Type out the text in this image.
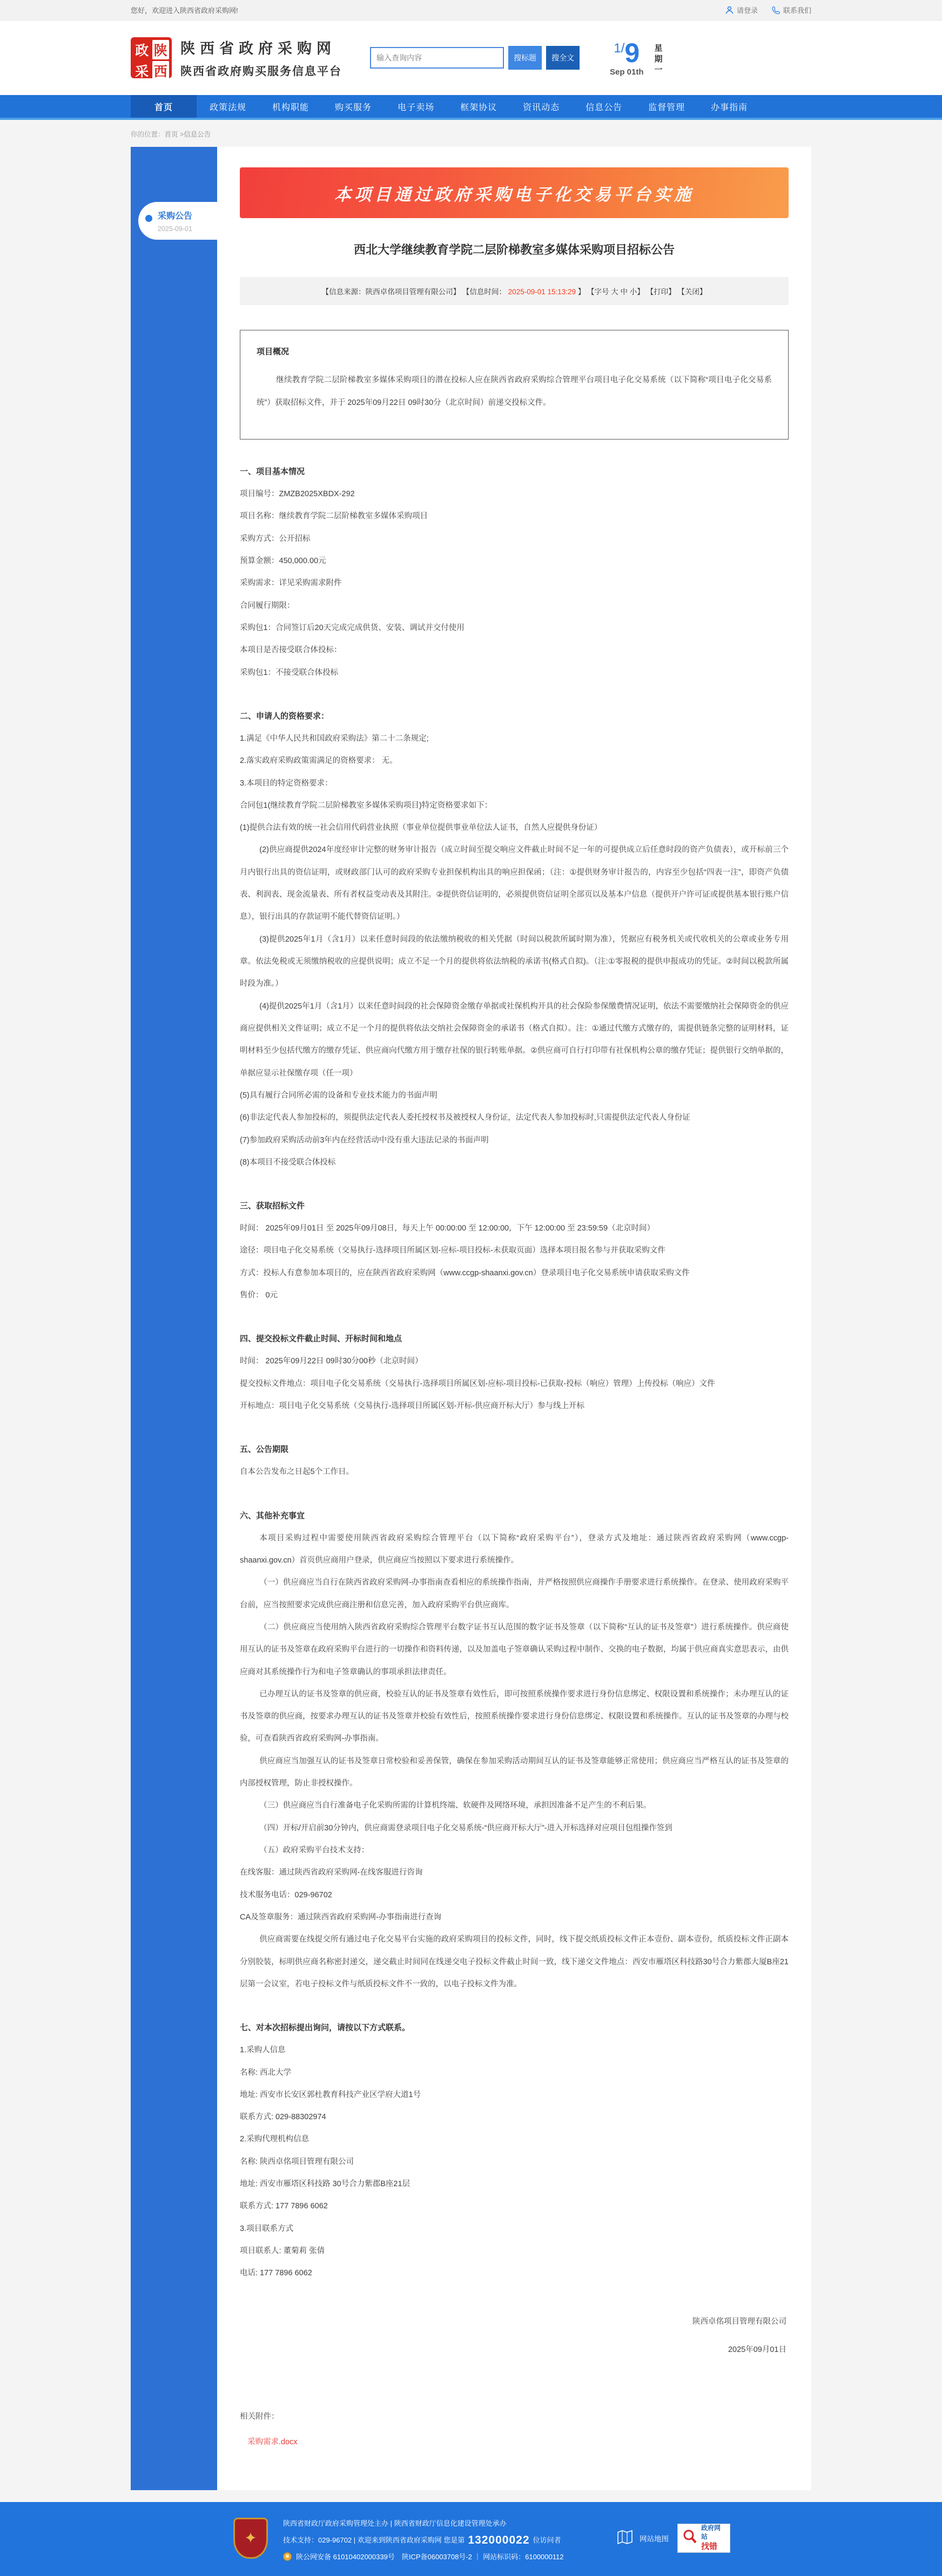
您好，欢迎进入陕西省政府采购网!	请登录	联系我们
政 陕
采 西
陕西省政府采购网
陕西省政府购买服务信息平台
输入查询内容
搜标题	搜全文
1/9
Sep 01th 星期一
首页	政策法规	机构职能	购买服务	电子卖场	框架协议	资讯动态	信息公告	监督管理	办事指南
你的位置：首页 >信息公告
采购公告
2025-09-01
本项目通过政府采购电子化交易平台实施
西北大学继续教育学院二层阶梯教室多媒体采购项目招标公告
【信息来源：陕西卓佲项目管理有限公司】 【信息时间： 2025-09-01 15:13:29 】 【字号 大 中 小】 【打印】 【关闭】
项目概况
继续教育学院二层阶梯教室多媒体采购项目的潜在投标人应在陕西省政府采购综合管理平台项目电子化交易系统（以下简称“项目电子化交易系统”）获取招标文件，并于 2025年09月22日 09时30分（北京时间）前递交投标文件。
一、项目基本情况

项目编号：ZMZB2025XBDX-292

项目名称：继续教育学院二层阶梯教室多媒体采购项目

采购方式：公开招标

预算金额：450,000.00元

采购需求：详见采购需求附件

合同履行期限：

采购包1：合同签订后20天完成完成供货、安装、调试并交付使用

本项目是否接受联合体投标：

采购包1：不接受联合体投标

二、申请人的资格要求：

1.满足《中华人民共和国政府采购法》第二十二条规定;

2.落实政府采购政策需满足的资格要求： 无。

3.本项目的特定资格要求：

合同包1(继续教育学院二层阶梯教室多媒体采购项目)特定资格要求如下：

(1)提供合法有效的统一社会信用代码营业执照（事业单位提供事业单位法人证书，自然人应提供身份证）

(2)供应商提供2024年度经审计完整的财务审计报告（成立时间至提交响应文件截止时间不足一年的可提供成立后任意时段的资产负债表），或开标前三个月内银行出具的资信证明，或财政部门认可的政府采购专业担保机构出具的响应担保函；（注：①提供财务审计报告的，内容至少包括“四表一注”，即资产负债表、利润表、现金流量表、所有者权益变动表及其附注。②提供资信证明的，必须提供资信证明全部页以及基本户信息（提供开户许可证或提供基本银行账户信息），银行出具的存款证明不能代替资信证明。）

(3)提供2025年1月（含1月）以来任意时间段的依法缴纳税收的相关凭据（时间以税款所属时期为准），凭据应有税务机关或代收机关的公章或业务专用章。依法免税或无须缴纳税收的应提供说明；成立不足一个月的提供将依法纳税的承诺书(格式自拟)。（注:①零报税的提供申报成功的凭证。②时间以税款所属时段为准。）

(4)提供2025年1月（含1月）以来任意时间段的社会保障资金缴存单据或社保机构开具的社会保险参保缴费情况证明，依法不需要缴纳社会保障资金的供应商应提供相关文件证明；成立不足一个月的提供将依法交纳社会保障资金的承诺书（格式自拟）。注：①通过代缴方式缴存的，需提供链条完整的证明材料，证明材料至少包括代缴方的缴存凭证、供应商向代缴方用于缴存社保的银行转账单据。②供应商可自行打印带有社保机构公章的缴存凭证；提供银行交纳单据的，单据应显示社保缴存项（任一项）

(5)具有履行合同所必需的设备和专业技术能力的书面声明

(6)非法定代表人参加投标的，须提供法定代表人委托授权书及被授权人身份证，法定代表人参加投标时,只需提供法定代表人身份证

(7)参加政府采购活动前3年内在经营活动中没有重大违法记录的书面声明

(8)本项目不接受联合体投标

三、获取招标文件

时间： 2025年09月01日 至 2025年09月08日，每天上午 00:00:00 至 12:00:00，下午 12:00:00 至 23:59:59（北京时间）

途径：项目电子化交易系统（交易执行-选择项目所属区划-应标-项目投标-未获取页面）选择本项目报名参与并获取采购文件

方式：投标人有意参加本项目的，应在陕西省政府采购网（www.ccgp-shaanxi.gov.cn）登录项目电子化交易系统申请获取采购文件

售价： 0元

四、提交投标文件截止时间、开标时间和地点

时间： 2025年09月22日 09时30分00秒（北京时间）

提交投标文件地点：项目电子化交易系统（交易执行-选择项目所属区划-应标-项目投标-已获取-投标（响应）管理）上传投标（响应）文件

开标地点：项目电子化交易系统（交易执行-选择项目所属区划-开标-供应商开标大厅）参与线上开标

五、公告期限

自本公告发布之日起5个工作日。

六、其他补充事宜

本项目采购过程中需要使用陕西省政府采购综合管理平台（以下简称“政府采购平台”），登录方式及地址：通过陕西省政府采购网（www.ccgp-shaanxi.gov.cn）首页供应商用户登录，供应商应当按照以下要求进行系统操作。

（一）供应商应当自行在陕西省政府采购网-办事指南查看相应的系统操作指南，并严格按照供应商操作手册要求进行系统操作。在登录、使用政府采购平台前，应当按照要求完成供应商注册和信息完善，加入政府采购平台供应商库。

（二）供应商应当使用纳入陕西省政府采购综合管理平台数字证书互认范围的数字证书及签章（以下简称“互认的证书及签章”）进行系统操作。供应商使用互认的证书及签章在政府采购平台进行的一切操作和资料传递，以及加盖电子签章确认采购过程中制作、交换的电子数据，均属于供应商真实意思表示，由供应商对其系统操作行为和电子签章确认的事项承担法律责任。

已办理互认的证书及签章的供应商，校验互认的证书及签章有效性后，即可按照系统操作要求进行身份信息绑定、权限设置和系统操作；未办理互认的证书及签章的供应商，按要求办理互认的证书及签章并校验有效性后，按照系统操作要求进行身份信息绑定、权限设置和系统操作。互认的证书及签章的办理与校验，可查看陕西省政府采购网-办事指南。

供应商应当加强互认的证书及签章日常校验和妥善保管，确保在参加采购活动期间互认的证书及签章能够正常使用；供应商应当严格互认的证书及签章的内部授权管理，防止非授权操作。

（三）供应商应当自行准备电子化采购所需的计算机终端、软硬件及网络环境，承担因准备不足产生的不利后果。

（四）开标/开启前30分钟内，供应商需登录项目电子化交易系统-“供应商开标大厅”-进入开标选择对应项目包组操作签到

（五）政府采购平台技术支持：

在线客服：通过陕西省政府采购网-在线客服进行咨询

技术服务电话：029-96702

CA及签章服务：通过陕西省政府采购网-办事指南进行查询

供应商需要在线提交所有通过电子化交易平台实施的政府采购项目的投标文件，同时，线下提交纸质投标文件正本壹份、副本壹份，纸质投标文件正副本分别胶装，标明供应商名称密封递交，递交截止时间同在线递交电子投标文件截止时间一致，线下递交文件地点：西安市雁塔区科技路30号合力紫郡大厦B座21层第一会议室，若电子投标文件与纸质投标文件不一致的，以电子投标文件为准。

七、对本次招标提出询问，请按以下方式联系。

1.采购人信息

名称: 西北大学

地址: 西安市长安区郭杜教育科技产业区学府大道1号

联系方式: 029-88302974

2.采购代理机构信息

名称: 陕西卓佲项目管理有限公司

地址: 西安市雁塔区科技路 30号合力紫郡B座21层

联系方式: 177 7896 6062

3.项目联系方式

项目联系人: 董菊莉 张倩

电话: 177 7896 6062

陕西卓佲项目管理有限公司
2025年09月01日
相关附件：
采购需求.docx
✦
陕西省财政厅政府采购管理处主办 | 陕西省财政厅信息化建设管理处承办
技术支持：029-96702 | 欢迎来到陕西省政府采购网 您是第 132000022 位访问者
陕公网安备 61010402000339号　陕ICP备06003708号-2 ｜ 网站标识码：6100000112
网站地图
政府网站
找错
